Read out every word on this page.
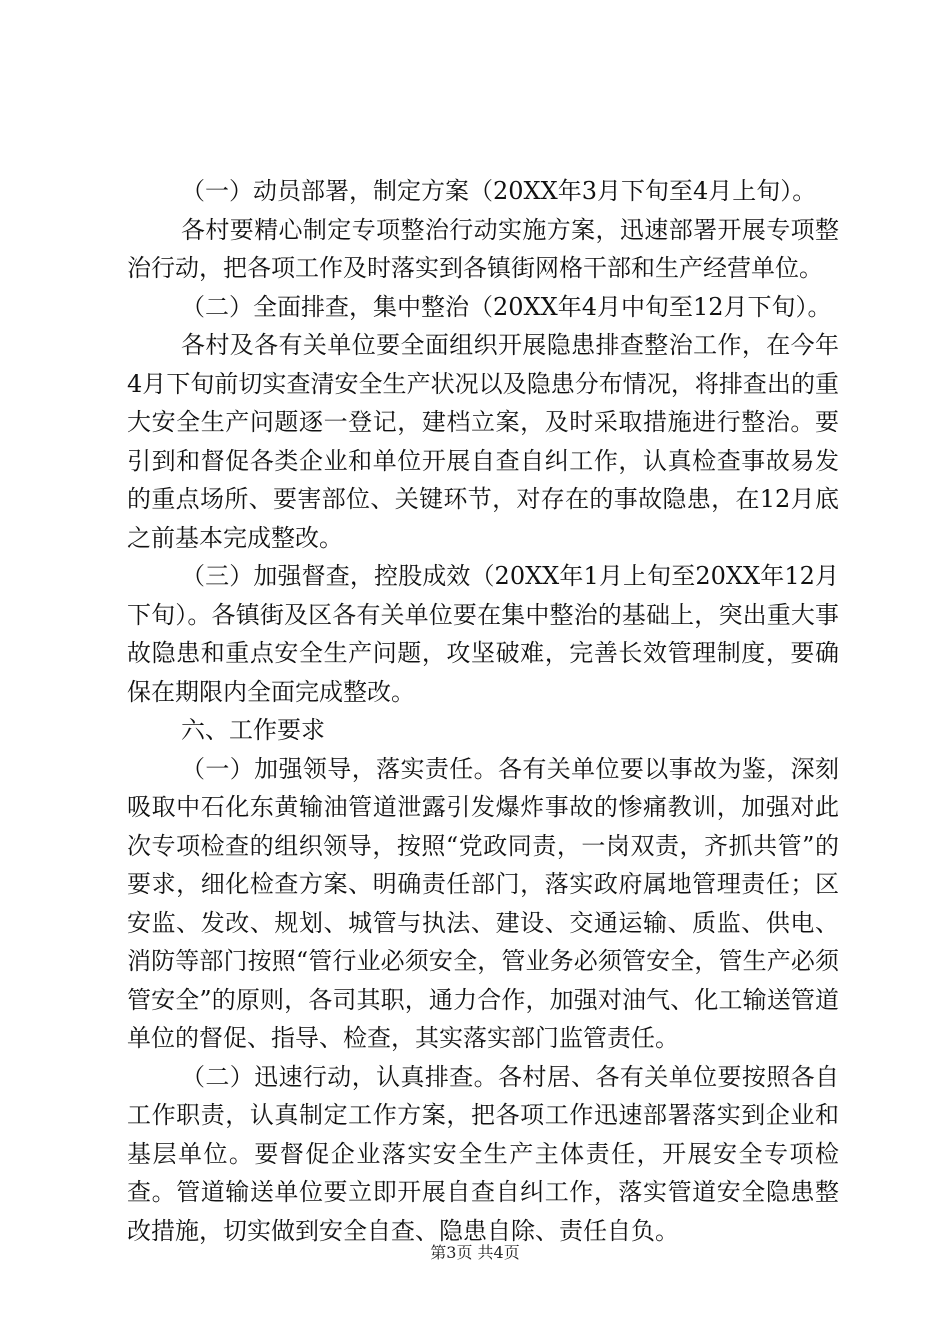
（一）动员部署，制定方案（20XX年3月下旬至4月上旬）。

各村要精心制定专项整治行动实施方案，迅速部署开展专项整治行动，把各项工作及时落实到各镇街网格干部和生产经营单位。

（二）全面排查，集中整治（20XX年4月中旬至12月下旬）。

各村及各有关单位要全面组织开展隐患排查整治工作，在今年4月下旬前切实查清安全生产状况以及隐患分布情况，将排查出的重大安全生产问题逐一登记，建档立案，及时采取措施进行整治。要引到和督促各类企业和单位开展自查自纠工作，认真检查事故易发的重点场所、要害部位、关键环节，对存在的事故隐患，在12月底之前基本完成整改。

（三）加强督查，控股成效（20XX年1月上旬至20XX年12月下旬）。各镇街及区各有关单位要在集中整治的基础上，突出重大事故隐患和重点安全生产问题，攻坚破难，完善长效管理制度，要确保在期限内全面完成整改。

六、工作要求

（一）加强领导，落实责任。各有关单位要以事故为鉴，深刻吸取中石化东黄输油管道泄露引发爆炸事故的惨痛教训，加强对此次专项检查的组织领导，按照“党政同责，一岗双责，齐抓共管”的要求，细化检查方案、明确责任部门，落实政府属地管理责任；区安监、发改、规划、城管与执法、建设、交通运输、质监、供电、消防等部门按照“管行业必须安全，管业务必须管安全，管生产必须管安全”的原则，各司其职，通力合作，加强对油气、化工输送管道单位的督促、指导、检查，其实落实部门监管责任。

（二）迅速行动，认真排查。各村居、各有关单位要按照各自工作职责，认真制定工作方案，把各项工作迅速部署落实到企业和基层单位。要督促企业落实安全生产主体责任，开展安全专项检查。管道输送单位要立即开展自查自纠工作，落实管道安全隐患整改措施，切实做到安全自查、隐患自除、责任自负。

第3页 共4页
